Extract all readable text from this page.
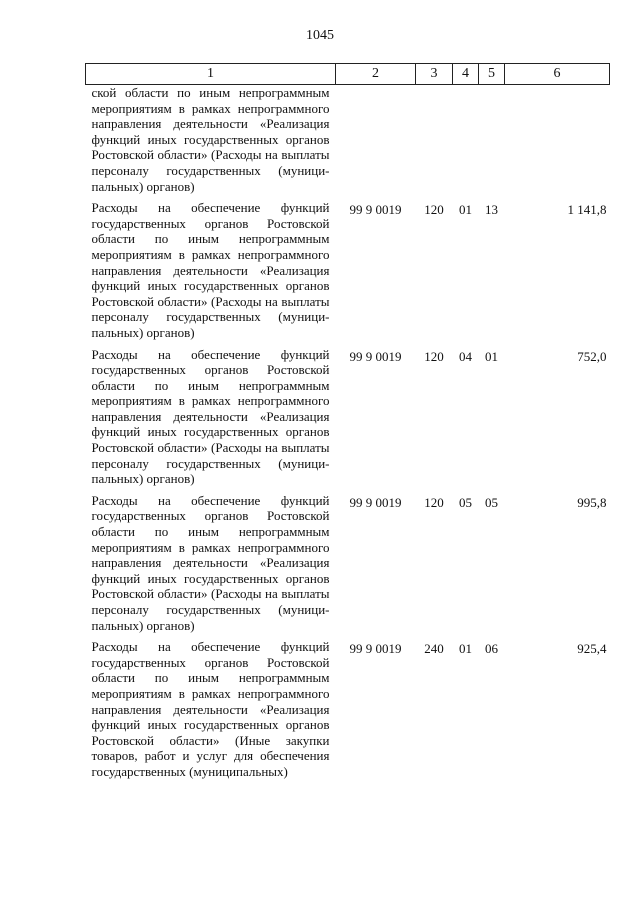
1045
1	2	3	4	5	6
ской области по иным непрограммным мероприятиям в рамках непрограммного направления деятельности «Реализация функций иных государственных органов Ростовской области» (Расходы на выплаты персоналу государственных (муниципальных) органов)					
Расходы на обеспечение функций государственных органов Ростовской области по иным непрограммным мероприятиям в рамках непрограммного направления деятельности «Реализация функций иных государственных органов Ростовской области» (Расходы на выплаты персоналу государственных (муниципальных) органов)	99 9 0019	120	01	13	1 141,8
Расходы на обеспечение функций государственных органов Ростовской области по иным непрограммным мероприятиям в рамках непрограммного направления деятельности «Реализация функций иных государственных органов Ростовской области» (Расходы на выплаты персоналу государственных (муниципальных) органов)	99 9 0019	120	04	01	752,0
Расходы на обеспечение функций государственных органов Ростовской области по иным непрограммным мероприятиям в рамках непрограммного направления деятельности «Реализация функций иных государственных органов Ростовской области» (Расходы на выплаты персоналу государственных (муниципальных) органов)	99 9 0019	120	05	05	995,8
Расходы на обеспечение функций государственных органов Ростовской области по иным непрограммным мероприятиям в рамках непрограммного направления деятельности «Реализация функций иных государственных органов Ростовской области» (Иные закупки товаров, работ и услуг для обеспечения государственных (муниципальных)	99 9 0019	240	01	06	925,4
